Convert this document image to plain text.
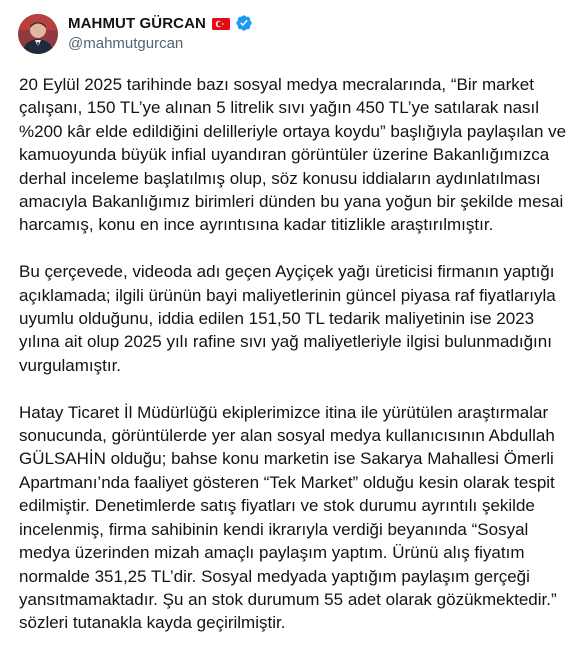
MAHMUT GÜRCAN
@mahmutgurcan

20 Eylül 2025 tarihinde bazı sosyal medya mecralarında, “Bir market çalışanı, 150 TL’ye alınan 5 litrelik sıvı yağın 450 TL’ye satılarak nasıl %200 kâr elde edildiğini delilleriyle ortaya koydu” başlığıyla paylaşılan ve kamuoyunda büyük infial uyandıran görüntüler üzerine Bakanlığımızca derhal inceleme başlatılmış olup, söz konusu iddiaların aydınlatılması amacıyla Bakanlığımız birimleri dünden bu yana yoğun bir şekilde mesai harcamış, konu en ince ayrıntısına kadar titizlikle araştırılmıştır.

Bu çerçevede, videoda adı geçen Ayçiçek yağı üreticisi firmanın yaptığı açıklamada; ilgili ürünün bayi maliyetlerinin güncel piyasa raf fiyatlarıyla uyumlu olduğunu, iddia edilen 151,50 TL tedarik maliyetinin ise 2023 yılına ait olup 2025 yılı rafine sıvı yağ maliyetleriyle ilgisi bulunmadığını vurgulamıştır.

Hatay Ticaret İl Müdürlüğü ekiplerimizce itina ile yürütülen araştırmalar sonucunda, görüntülerde yer alan sosyal medya kullanıcısının Abdullah GÜLSAHİN olduğu; bahse konu marketin ise Sakarya Mahallesi Ömerli Apartmanı’nda faaliyet gösteren “Tek Market” olduğu kesin olarak tespit edilmiştir. Denetimlerde satış fiyatları ve stok durumu ayrıntılı şekilde incelenmiş, firma sahibinin kendi ikrarıyla verdiği beyanında “Sosyal medya üzerinden mizah amaçlı paylaşım yaptım. Ürünü alış fiyatım normalde 351,25 TL’dir. Sosyal medyada yaptığım paylaşım gerçeği yansıtmamaktadır. Şu an stok durumum 55 adet olarak gözükmektedir.” sözleri tutanakla kayda geçirilmiştir.
